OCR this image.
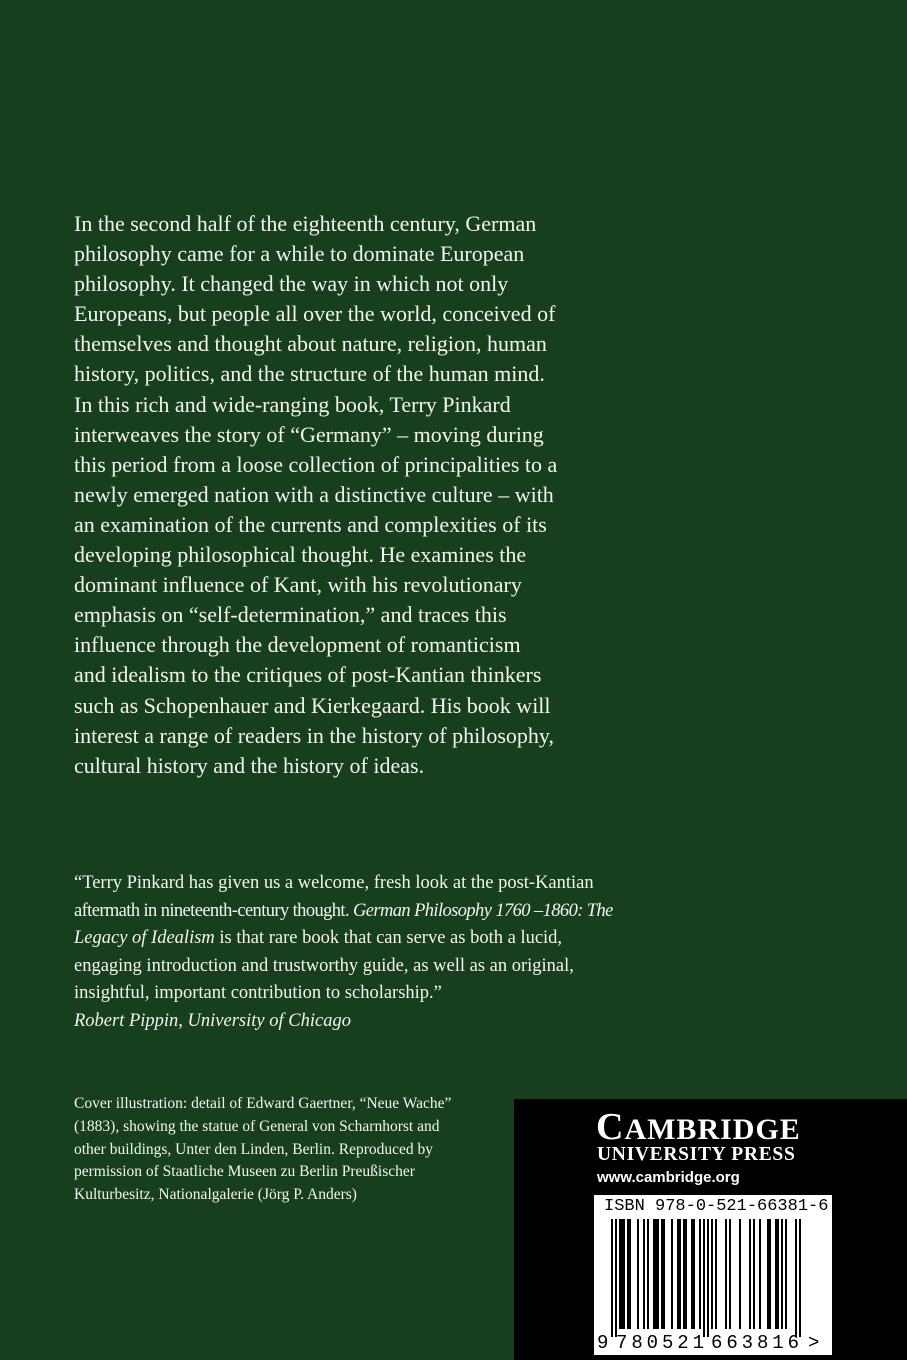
In the second half of the eighteenth century, German
philosophy came for a while to dominate European
philosophy. It changed the way in which not only
Europeans, but people all over the world, conceived of
themselves and thought about nature, religion, human
history, politics, and the structure of the human mind.
In this rich and wide-ranging book, Terry Pinkard
interweaves the story of “Germany” – moving during
this period from a loose collection of principalities to a
newly emerged nation with a distinctive culture – with
an examination of the currents and complexities of its
developing philosophical thought. He examines the
dominant influence of Kant, with his revolutionary
emphasis on “self-determination,” and traces this
influence through the development of romanticism
and idealism to the critiques of post-Kantian thinkers
such as Schopenhauer and Kierkegaard. His book will
interest a range of readers in the history of philosophy,
cultural history and the history of ideas.
“Terry Pinkard has given us a welcome, fresh look at the post-Kantian
aftermath in nineteenth-century thought. German Philosophy 1760 –1860: The
Legacy of Idealism is that rare book that can serve as both a lucid,
engaging introduction and trustworthy guide, as well as an original,
insightful, important contribution to scholarship.”
Robert Pippin, University of Chicago
Cover illustration: detail of Edward Gaertner, “Neue Wache”
(1883), showing the statue of General von Scharnhorst and
other buildings, Unter den Linden, Berlin. Reproduced by
permission of Staatliche Museen zu Berlin Preußischer
Kulturbesitz, Nationalgalerie (Jörg P. Anders)
CAMBRIDGE
UNIVERSITY PRESS
www.cambridge.org
ISBN 978-0-521-66381-6
9 780521 663816 >
